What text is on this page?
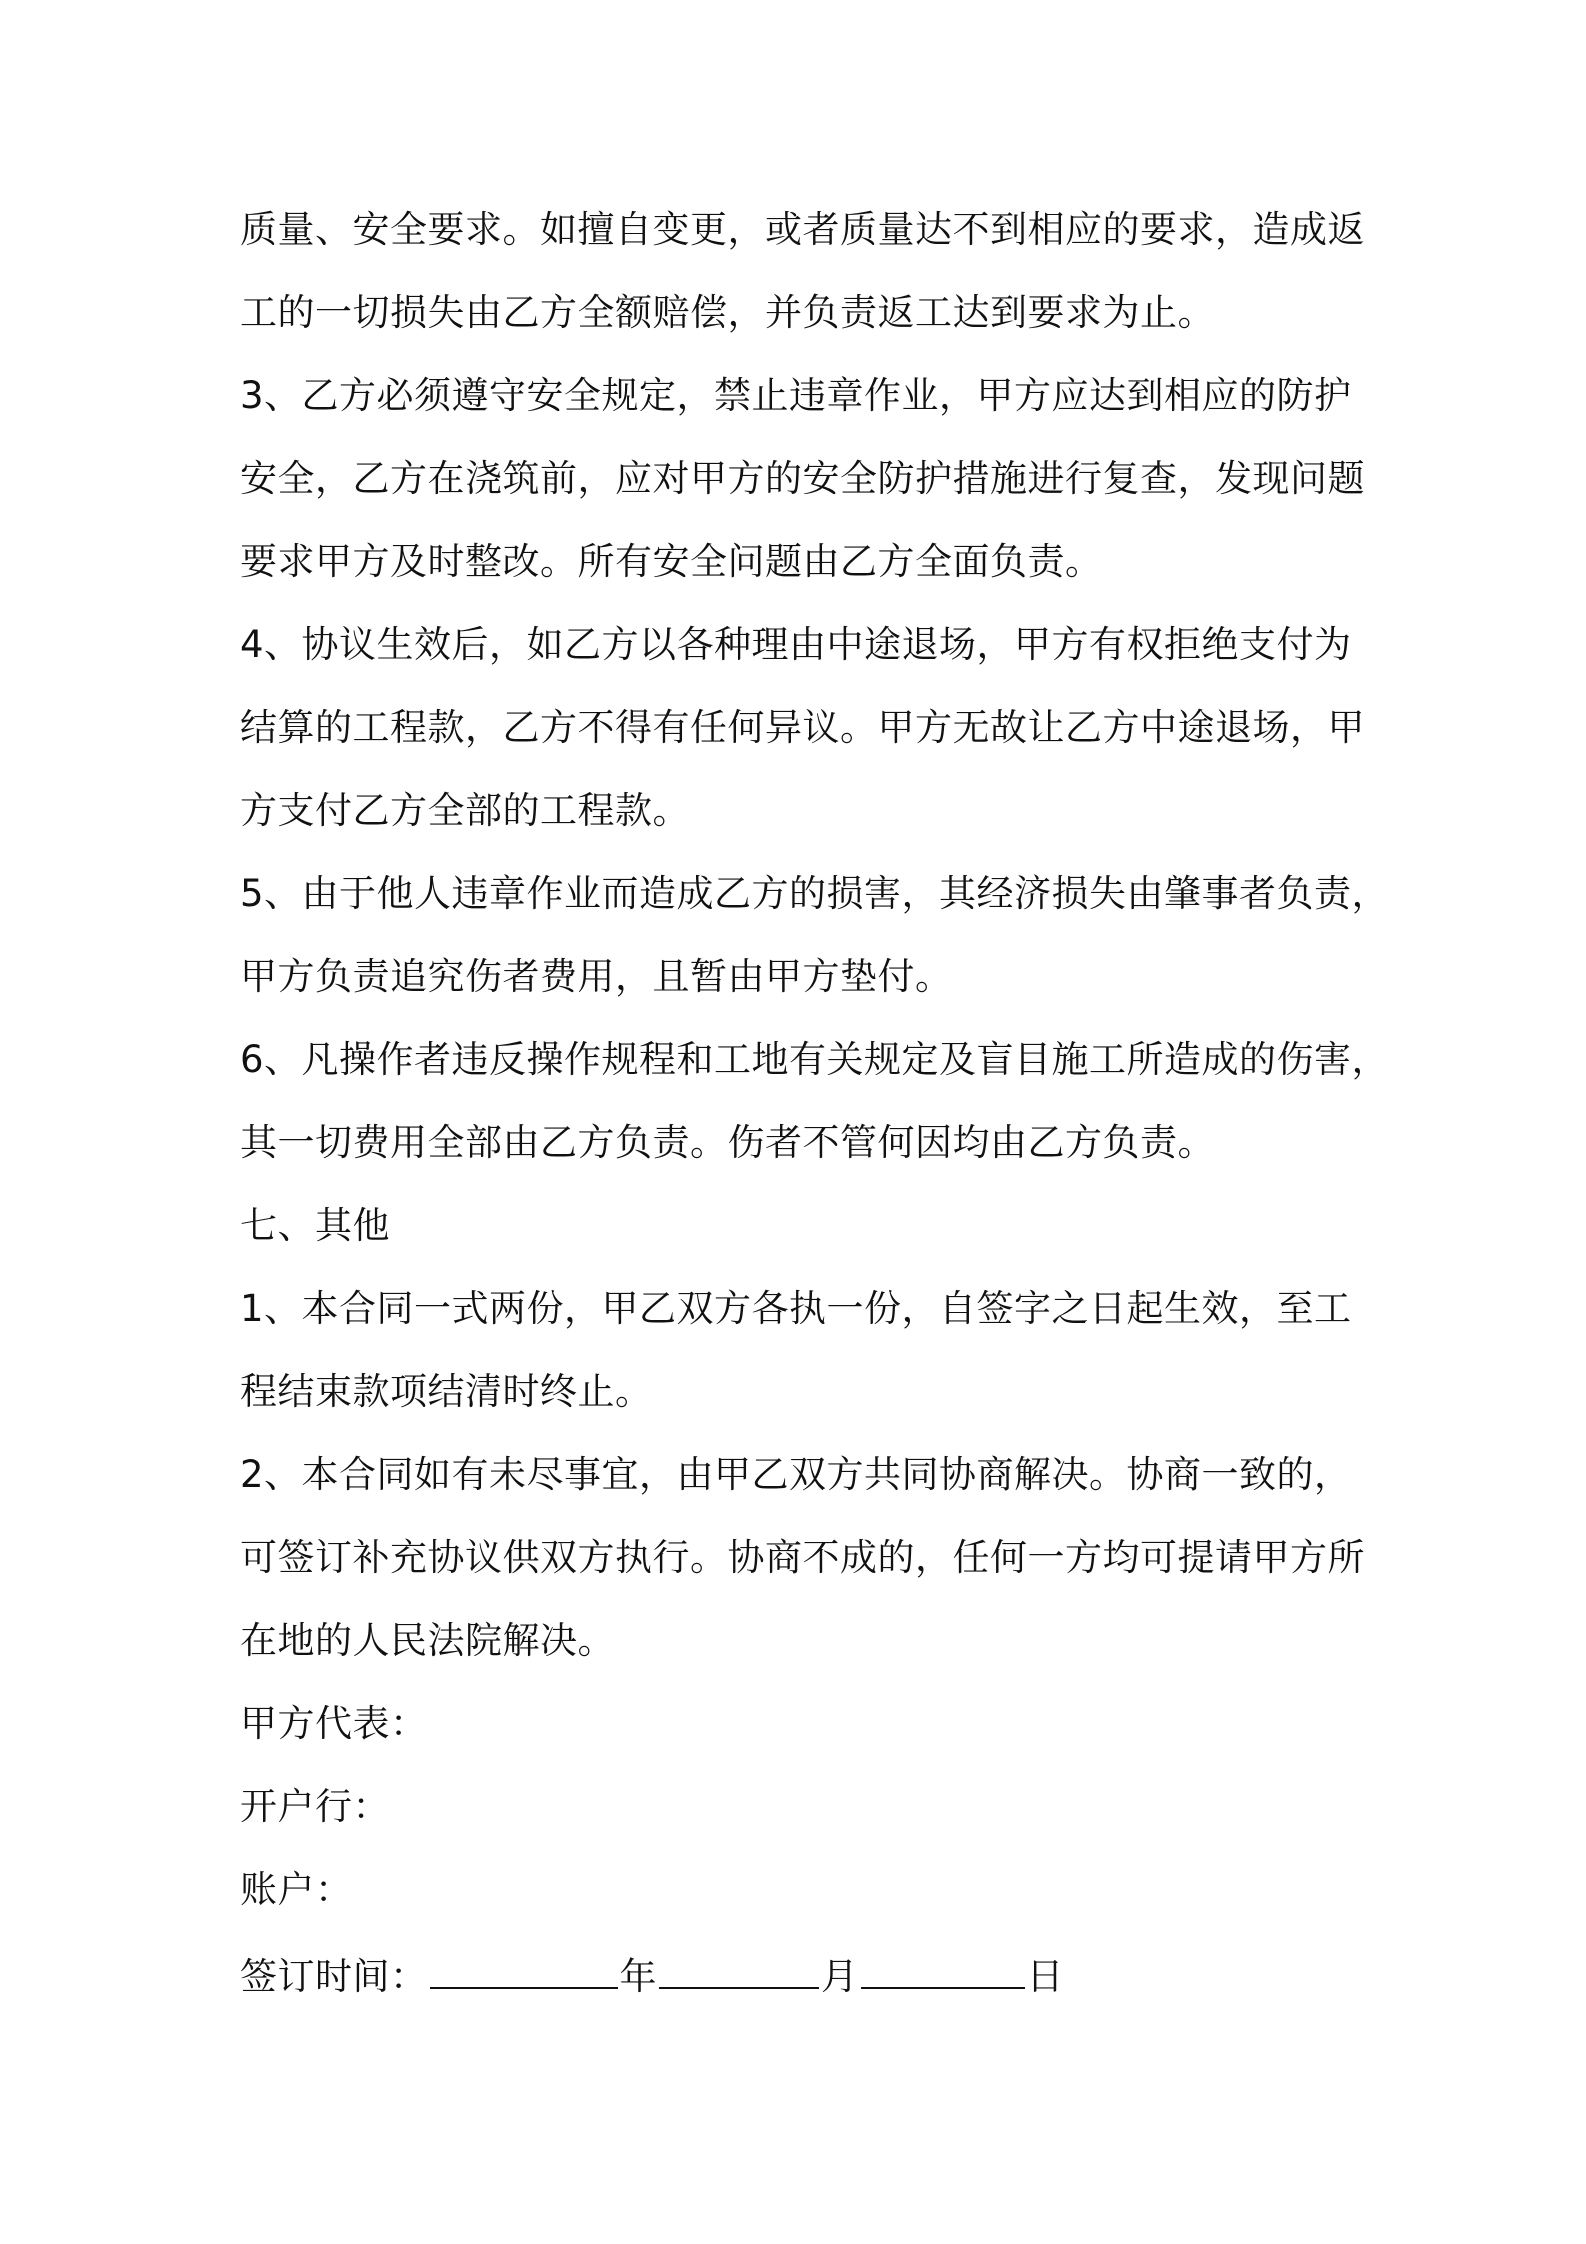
质量、安全要求。如擅自变更，或者质量达不到相应的要求，造成返
工的一切损失由乙方全额赔偿，并负责返工达到要求为止。
3、乙方必须遵守安全规定，禁止违章作业，甲方应达到相应的防护
安全，乙方在浇筑前，应对甲方的安全防护措施进行复查，发现问题
要求甲方及时整改。所有安全问题由乙方全面负责。
4、协议生效后，如乙方以各种理由中途退场，甲方有权拒绝支付为
结算的工程款，乙方不得有任何异议。甲方无故让乙方中途退场，甲
方支付乙方全部的工程款。
5、由于他人违章作业而造成乙方的损害，其经济损失由肇事者负责，
甲方负责追究伤者费用，且暂由甲方垫付。
6、凡操作者违反操作规程和工地有关规定及盲目施工所造成的伤害，
其一切费用全部由乙方负责。伤者不管何因均由乙方负责。
七、其他
1、本合同一式两份，甲乙双方各执一份，自签字之日起生效，至工
程结束款项结清时终止。
2、本合同如有未尽事宜，由甲乙双方共同协商解决。协商一致的，
可签订补充协议供双方执行。协商不成的，任何一方均可提请甲方所
在地的人民法院解决。
甲方代表：
开户行：
账户：
签订时间：	年	月	日
